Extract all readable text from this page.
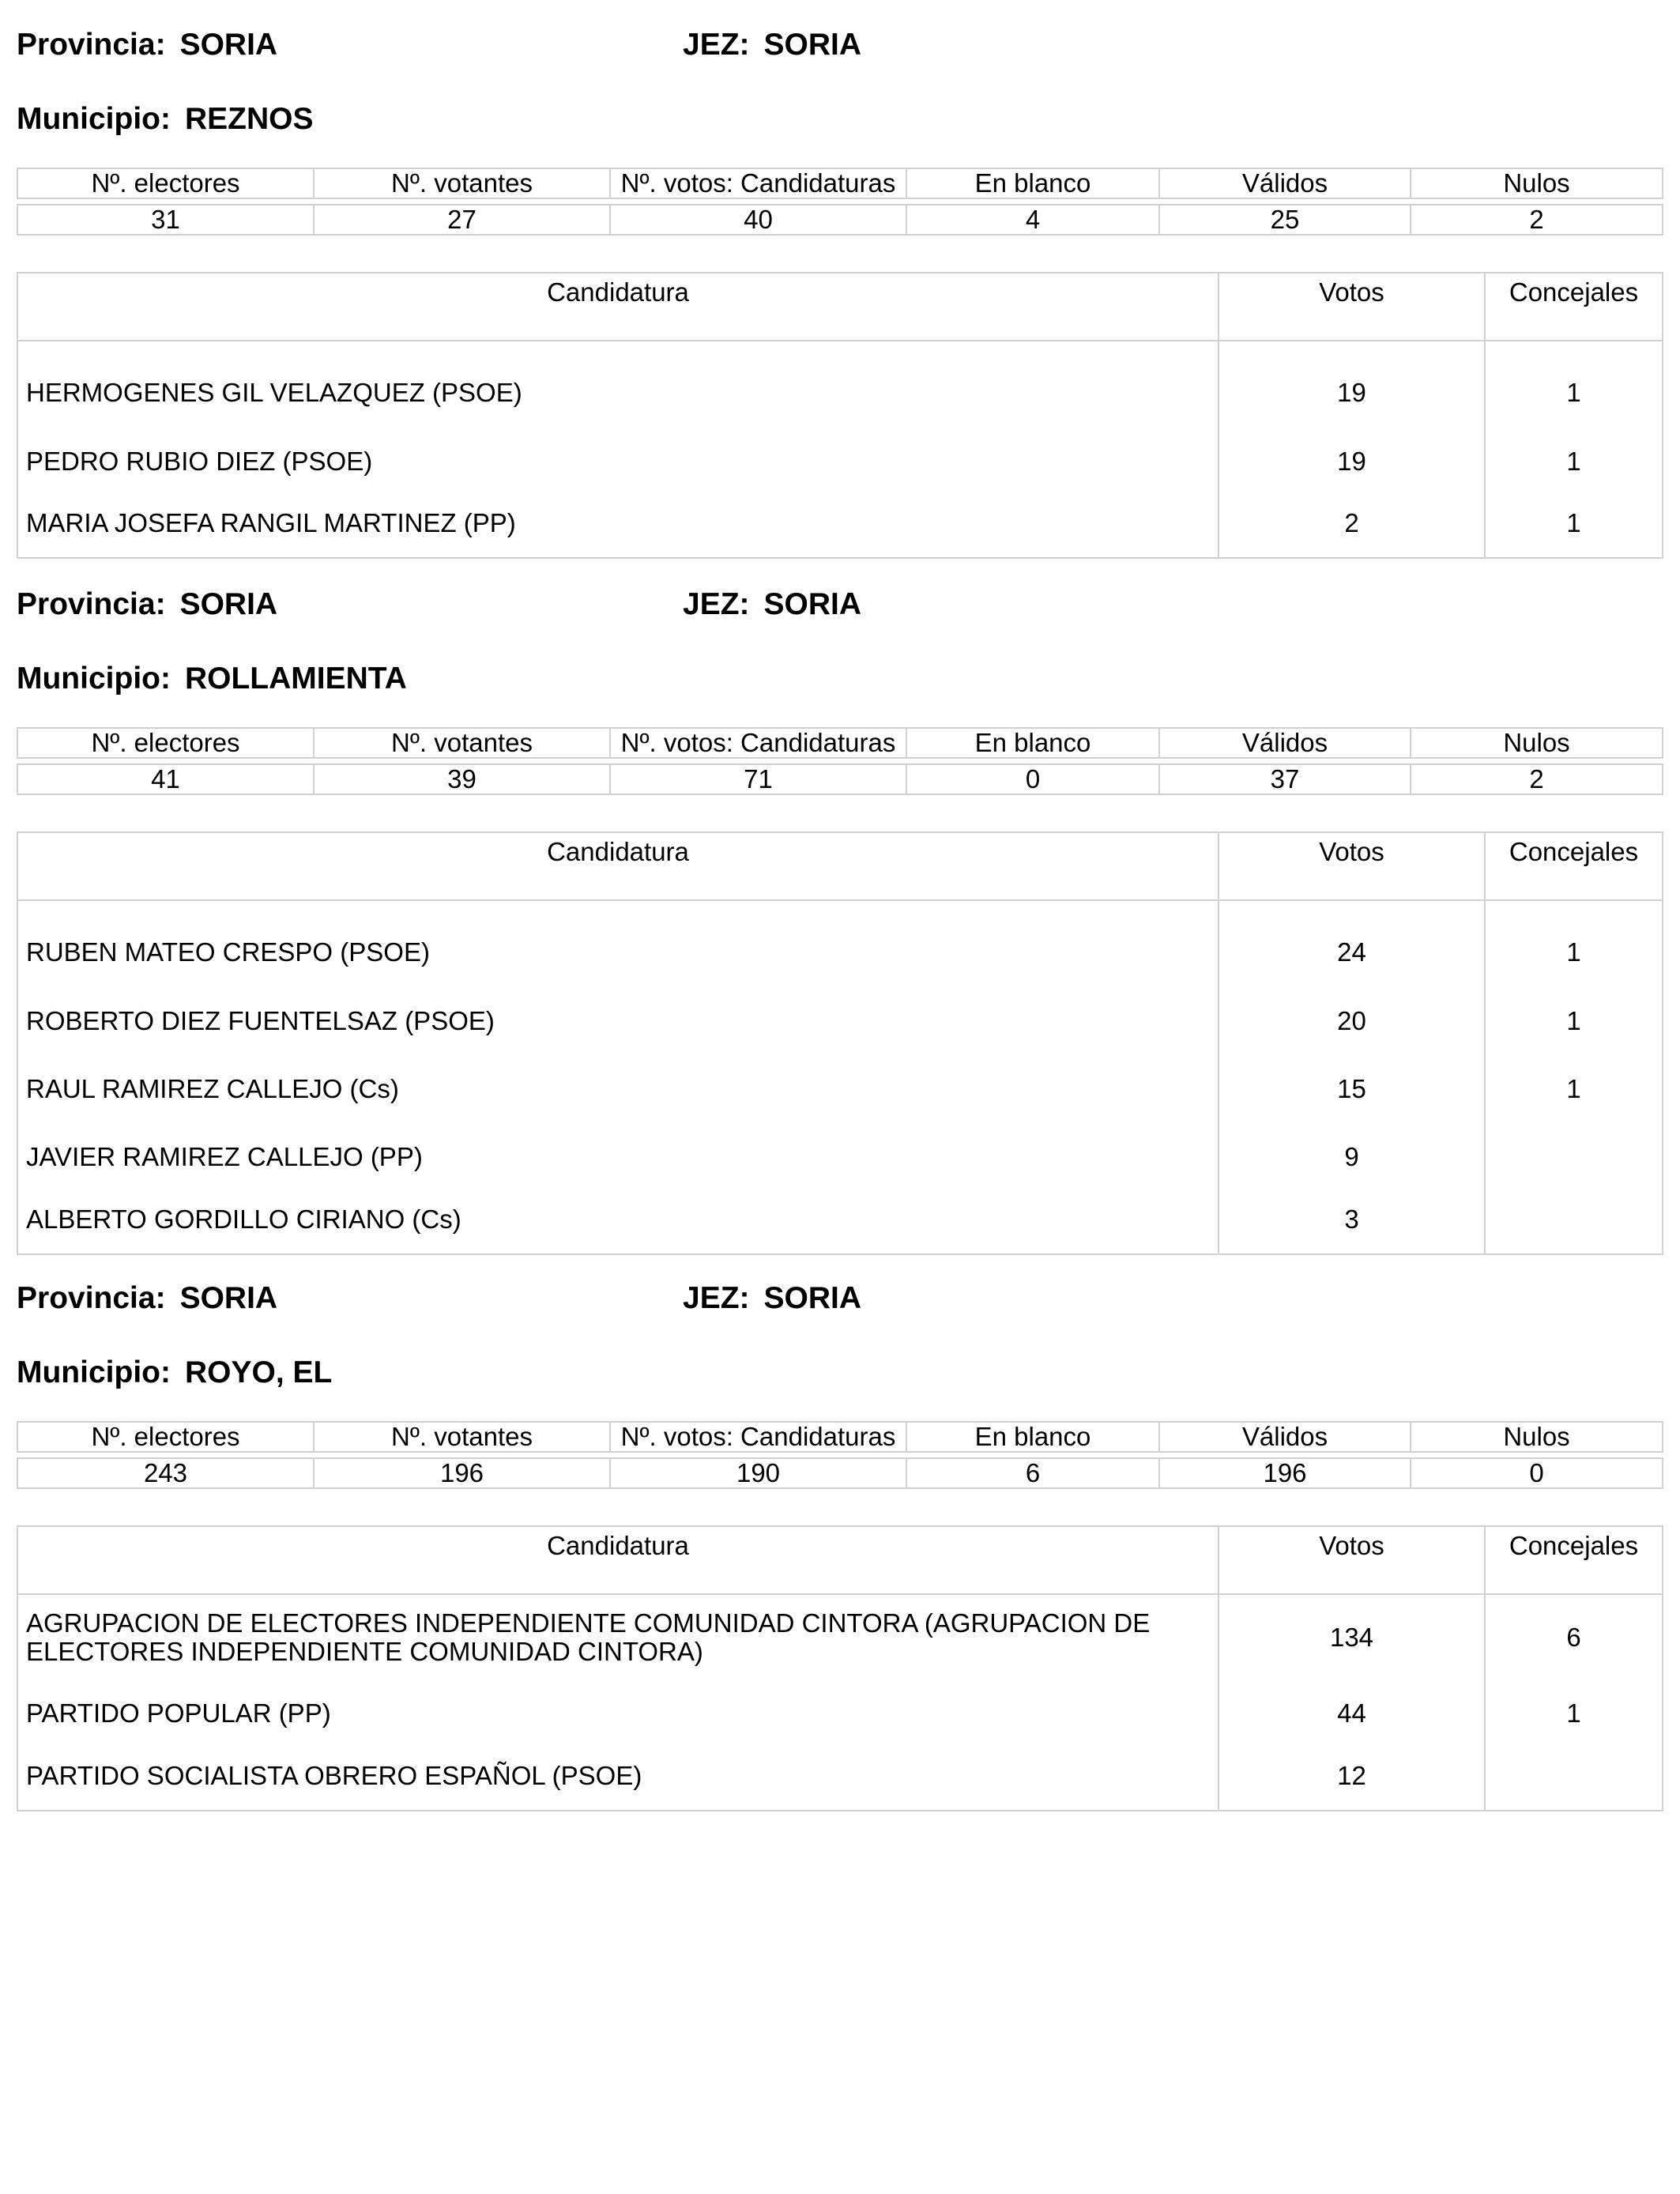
Provincia: SORIA	JEZ: SORIA
Municipio: REZNOS
Nº. electores	Nº. votantes	Nº. votos: Candidaturas	En blanco	Válidos	Nulos

31	27	40	4	25	2
Candidatura	Votos	Concejales
HERMOGENES GIL VELAZQUEZ (PSOE)	19	1
PEDRO RUBIO DIEZ (PSOE)	19	1
MARIA JOSEFA RANGIL MARTINEZ (PP)	2	1
Provincia: SORIA	JEZ: SORIA
Municipio: ROLLAMIENTA
Nº. electores	Nº. votantes	Nº. votos: Candidaturas	En blanco	Válidos	Nulos

41	39	71	0	37	2
Candidatura	Votos	Concejales
RUBEN MATEO CRESPO (PSOE)	24	1
ROBERTO DIEZ FUENTELSAZ (PSOE)	20	1
RAUL RAMIREZ CALLEJO (Cs)	15	1
JAVIER RAMIREZ CALLEJO (PP)	9	
ALBERTO GORDILLO CIRIANO (Cs)	3	
Provincia: SORIA	JEZ: SORIA
Municipio: ROYO, EL
Nº. electores	Nº. votantes	Nº. votos: Candidaturas	En blanco	Válidos	Nulos

243	196	190	6	196	0
Candidatura	Votos	Concejales
AGRUPACION DE ELECTORES INDEPENDIENTE COMUNIDAD CINTORA (AGRUPACION DE ELECTORES INDEPENDIENTE COMUNIDAD CINTORA)	134	6
PARTIDO POPULAR (PP)	44	1
PARTIDO SOCIALISTA OBRERO ESPAÑOL (PSOE)	12	
